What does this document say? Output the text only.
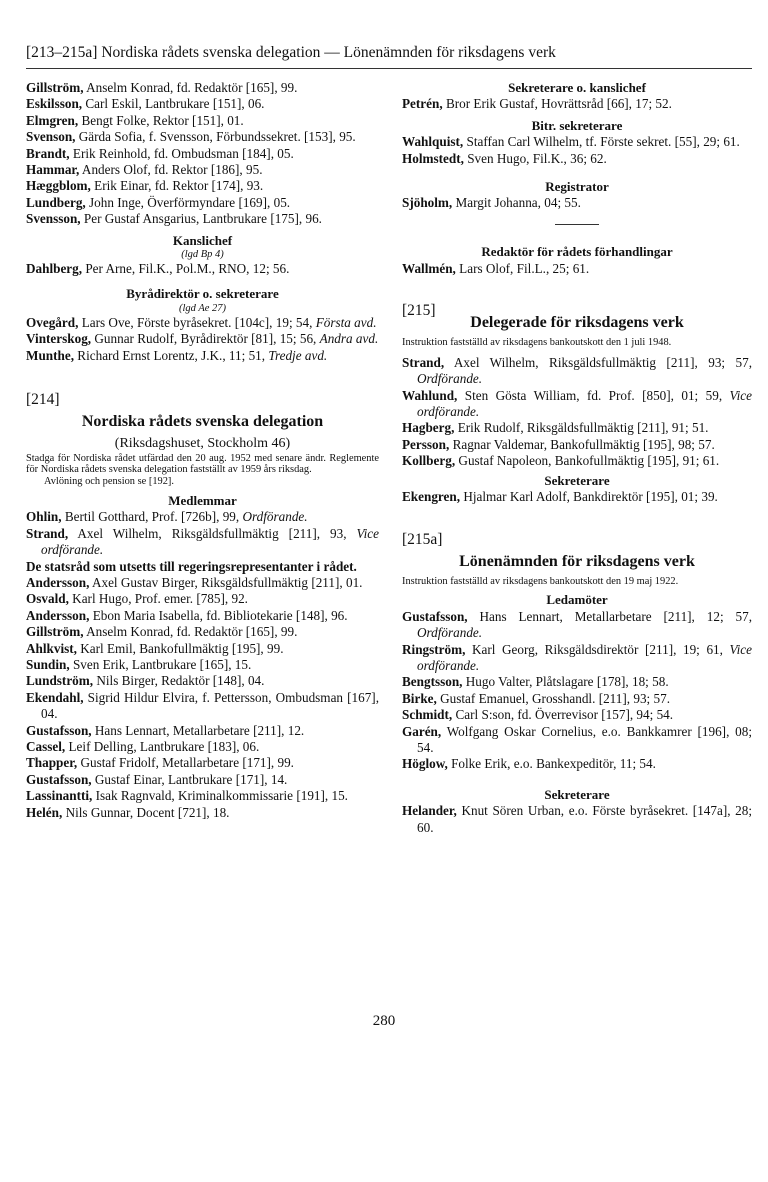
[213–215a] Nordiska rådets svenska delegation — Lönenämnden för riksdagens verk
Gillström, Anselm Konrad, fd. Redaktör [165], 99.
Eskilsson, Carl Eskil, Lantbrukare [151], 06.
Elmgren, Bengt Folke, Rektor [151], 01.
Svenson, Gärda Sofia, f. Svensson, Förbundssekret. [153], 95.
Brandt, Erik Reinhold, fd. Ombudsman [184], 05.
Hammar, Anders Olof, fd. Rektor [186], 95.
Hæggblom, Erik Einar, fd. Rektor [174], 93.
Lundberg, John Inge, Överförmyndare [169], 05.
Svensson, Per Gustaf Ansgarius, Lantbrukare [175], 96.
Kanslichef
(lgd Bp 4)
Dahlberg, Per Arne, Fil.K., Pol.M., RNO, 12; 56.
Byrådirektör o. sekreterare
(lgd Ae 27)
Ovegård, Lars Ove, Förste byråsekret. [104c], 19; 54, Första avd.
Vinterskog, Gunnar Rudolf, Byrådirektör [81], 15; 56, Andra avd.
Munthe, Richard Ernst Lorentz, J.K., 11; 51, Tredje avd.
[214]
Nordiska rådets svenska delegation
(Riksdagshuset, Stockholm 46)
Stadga för Nordiska rådet utfärdad den 20 aug. 1952 med senare ändr. Reglemente för Nordiska rådets svenska delegation fastställt av 1959 års riksdag.
Avlöning och pension se [192].
Medlemmar
Ohlin, Bertil Gotthard, Prof. [726b], 99, Ordförande.
Strand, Axel Wilhelm, Riksgäldsfullmäktig [211], 93, Vice ordförande.
De statsråd som utsetts till regeringsrepresentanter i rådet.
Andersson, Axel Gustav Birger, Riksgäldsfullmäktig [211], 01.
Osvald, Karl Hugo, Prof. emer. [785], 92.
Andersson, Ebon Maria Isabella, fd. Bibliotekarie [148], 96.
Gillström, Anselm Konrad, fd. Redaktör [165], 99.
Ahlkvist, Karl Emil, Bankofullmäktig [195], 99.
Sundin, Sven Erik, Lantbrukare [165], 15.
Lundström, Nils Birger, Redaktör [148], 04.
Ekendahl, Sigrid Hildur Elvira, f. Pettersson, Ombudsman [167], 04.
Gustafsson, Hans Lennart, Metallarbetare [211], 12.
Cassel, Leif Delling, Lantbrukare [183], 06.
Thapper, Gustaf Fridolf, Metallarbetare [171], 99.
Gustafsson, Gustaf Einar, Lantbrukare [171], 14.
Lassinantti, Isak Ragnvald, Kriminalkommissarie [191], 15.
Helén, Nils Gunnar, Docent [721], 18.
Sekreterare o. kanslichef
Petrén, Bror Erik Gustaf, Hovrättsråd [66], 17; 52.
Bitr. sekreterare
Wahlquist, Staffan Carl Wilhelm, tf. Förste sekret. [55], 29; 61.
Holmstedt, Sven Hugo, Fil.K., 36; 62.
Registrator
Sjöholm, Margit Johanna, 04; 55.
Redaktör för rådets förhandlingar
Wallmén, Lars Olof, Fil.L., 25; 61.
[215]
Delegerade för riksdagens verk
Instruktion fastställd av riksdagens bankoutskott den 1 juli 1948.
Strand, Axel Wilhelm, Riksgäldsfullmäktig [211], 93; 57, Ordförande.
Wahlund, Sten Gösta William, fd. Prof. [850], 01; 59, Vice ordförande.
Hagberg, Erik Rudolf, Riksgäldsfullmäktig [211], 91; 51.
Persson, Ragnar Valdemar, Bankofullmäktig [195], 98; 57.
Kollberg, Gustaf Napoleon, Bankofullmäktig [195], 91; 61.
Sekreterare
Ekengren, Hjalmar Karl Adolf, Bankdirektör [195], 01; 39.
[215a]
Lönenämnden för riksdagens verk
Instruktion fastställd av riksdagens bankoutskott den 19 maj 1922.
Ledamöter
Gustafsson, Hans Lennart, Metallarbetare [211], 12; 57, Ordförande.
Ringström, Karl Georg, Riksgäldsdirektör [211], 19; 61, Vice ordförande.
Bengtsson, Hugo Valter, Plåtslagare [178], 18; 58.
Birke, Gustaf Emanuel, Grosshandl. [211], 93; 57.
Schmidt, Carl S:son, fd. Överrevisor [157], 94; 54.
Garén, Wolfgang Oskar Cornelius, e.o. Bankkamrer [196], 08; 54.
Höglow, Folke Erik, e.o. Bankexpeditör, 11; 54.
Sekreterare
Helander, Knut Sören Urban, e.o. Förste byråsekret. [147a], 28; 60.
280
